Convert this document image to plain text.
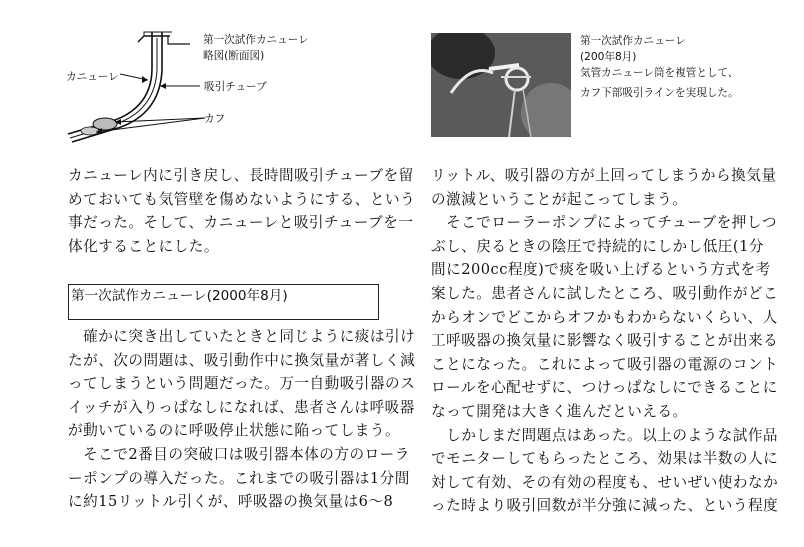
第一次試作カニューレ
略図(断面図)
カニューレ
吸引チューブ
カフ
第一次試作カニューレ
(200年8月)
気管カニューレ筒を複管として、
カフ下部吸引ラインを実現した。
カニューレ内に引き戻し、長時間吸引チューブを留
めておいても気管壁を傷めないようにする、という
事だった。そして、カニューレと吸引チューブを一
体化することにした。
第一次試作カニューレ(2000年8月)
　確かに突き出していたときと同じように痰は引け
たが、次の問題は、吸引動作中に換気量が著しく減
ってしまうという問題だった。万一自動吸引器のス
イッチが入りっぱなしになれば、患者さんは呼吸器
が動いているのに呼吸停止状態に陥ってしまう。
　そこで2番目の突破口は吸引器本体の方のローラ
ーポンプの導入だった。これまでの吸引器は1分間
に約15リットル引くが、呼吸器の換気量は6～8
リットル、吸引器の方が上回ってしまうから換気量
の激減ということが起こってしまう。
　そこでローラーポンプによってチューブを押しつ
ぶし、戻るときの陰圧で持続的にしかし低圧(1分
間に200cc程度)で痰を吸い上げるという方式を考
案した。患者さんに試したところ、吸引動作がどこ
からオンでどこからオフかもわからないくらい、人
工呼吸器の換気量に影響なく吸引することが出来る
ことになった。これによって吸引器の電源のコント
ロールを心配せずに、つけっぱなしにできることに
なって開発は大きく進んだといえる。
　しかしまだ問題点はあった。以上のような試作品
でモニターしてもらったところ、効果は半数の人に
対して有効、その有効の程度も、せいぜい使わなか
った時より吸引回数が半分強に減った、という程度
